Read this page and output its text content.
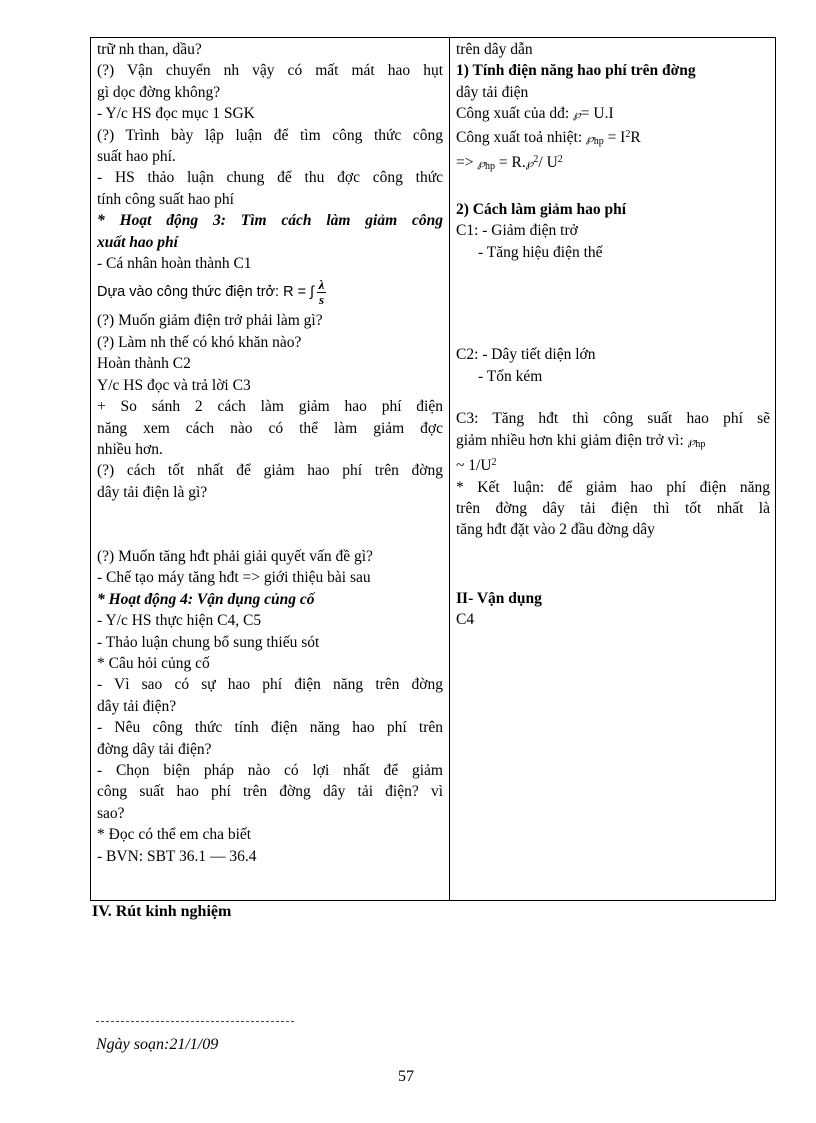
trữ nh than, dầu?
(?) Vận chuyển nh vậy có mất mát hao hụt
gì dọc đờng không?
- Y/c HS đọc mục 1 SGK
(?) Trình bày lập luận để tìm công thức công
suất hao phí.
- HS thảo luận chung để thu đợc công thức
tính công suất hao phí
* Hoạt động 3: Tìm cách làm giảm công
xuất hao phí
- Cá nhân hoàn thành C1
Dựa vào công thức điện trở: R = ∫ $\frac{\lambda}{s}$
(?) Muốn giảm điện trở phải làm gì?
(?) Làm nh thế có khó khăn nào?
Hoàn thành C2
Y/c HS đọc và trả lời C3
+ So sánh 2 cách làm giảm hao phí điện
năng xem cách nào có thể làm giảm đợc
nhiều hơn.
(?) cách tốt nhất để giảm hao phí trên đờng
dây tải điện là gì?
(?) Muốn tăng hđt phải giải quyết vấn đề gì?
- Chế tạo máy tăng hđt => giới thiệu bài sau
* Hoạt động 4: Vận dụng củng cố
- Y/c HS thực hiện C4, C5
- Thảo luận chung bổ sung thiếu sót
* Câu hỏi củng cố
- Vì sao có sự hao phí điện năng trên đờng
dây tải điện?
- Nêu công thức tính điện năng hao phí trên
đờng dây tải điện?
- Chọn biện pháp nào có lợi nhất để giảm
công suất hao phí trên đờng dây tải điện? vì
sao?
* Đọc có thể em cha biết
- BVN: SBT 36.1 — 36.4
trên dây dẫn
1) Tính điện năng hao phí trên đờng
dây tải điện
Công xuất của dđ: ℘= U.I
Công xuất toả nhiệt: $℘_{hp} = I^2R$
=> $℘_{hp}$ = R.℘$^2$/ $U^2$
2) Cách làm giảm hao phí
C1: - Giảm điện trở
- Tăng hiệu điện thế
C2: - Dây tiết diện lớn
- Tốn kém
C3: Tăng hđt thì công suất hao phí sẽ
giảm nhiều hơn khi giảm điện trở vì: $℘_{hp}$
~ $1/U^2$
* Kết luận: để giảm hao phí điện năng
trên đờng dây tải điện thì tốt nhất là
tăng hđt đặt vào 2 đầu đờng dây
II- Vận dụng
C4
IV. Rút kinh nghiệm
Ngày soạn:21/1/09
57
